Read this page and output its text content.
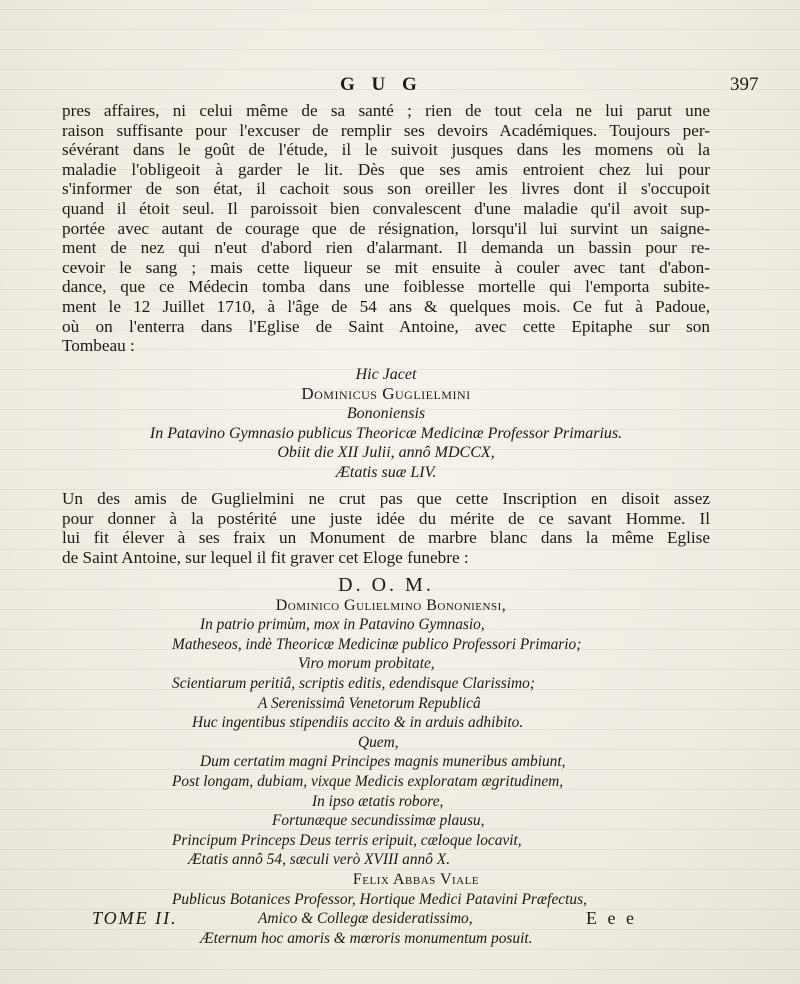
G U G	397
pres affaires, ni celui même de sa santé ; rien de tout cela ne lui parut une
raison suffisante pour l'excuser de remplir ses devoirs Académiques. Toujours per-
sévérant dans le goût de l'étude, il le suivoit jusques dans les momens où la
maladie l'obligeoit à garder le lit. Dès que ses amis entroient chez lui pour
s'informer de son état, il cachoit sous son oreiller les livres dont il s'occupoit
quand il étoit seul. Il paroissoit bien convalescent d'une maladie qu'il avoit sup-
portée avec autant de courage que de résignation, lorsqu'il lui survint un saigne-
ment de nez qui n'eut d'abord rien d'alarmant. Il demanda un bassin pour re-
cevoir le sang ; mais cette liqueur se mit ensuite à couler avec tant d'abon-
dance, que ce Médecin tomba dans une foiblesse mortelle qui l'emporta subite-
ment le 12 Juillet 1710, à l'âge de 54 ans & quelques mois. Ce fut à Padoue,
où on l'enterra dans l'Eglise de Saint Antoine, avec cette Epitaphe sur son
Tombeau :
Hic Jacet
Dominicus Guglielmini
Bononiensis
In Patavino Gymnasio publicus Theoricæ Medicinæ Professor Primarius.
Obiit die XII Julii, annô MDCCX,
Ætatis suæ LIV.
Un des amis de Guglielmini ne crut pas que cette Inscription en disoit assez
pour donner à la postérité une juste idée du mérite de ce savant Homme. Il
lui fit élever à ses fraix un Monument de marbre blanc dans la même Eglise
de Saint Antoine, sur lequel il fit graver cet Eloge funebre :
D. O. M.
Dominico Gulielmino Bononiensi,
In patrio primùm, mox in Patavino Gymnasio,
Matheseos, indè Theoricæ Medicinæ publico Professori Primario;
Viro morum probitate,
Scientiarum peritiâ, scriptis editis, edendisque Clarissimo;
A Serenissimâ Venetorum Republicâ
Huc ingentibus stipendiis accito & in arduis adhibito.
Quem,
Dum certatim magni Principes magnis muneribus ambiunt,
Post longam, dubiam, vixque Medicis exploratam ægritudinem,
In ipso ætatis robore,
Fortunæque secundissimæ plausu,
Principum Princeps Deus terris eripuit, cæloque locavit,
Ætatis annô 54, sæculi verò XVIII annô X.
Felix Abbas Viale
Publicus Botanices Professor, Hortique Medici Patavini Præfectus,
Amico & Collegæ desideratissimo,
Æternum hoc amoris & mœroris monumentum posuit.
TOME II.	E e e
